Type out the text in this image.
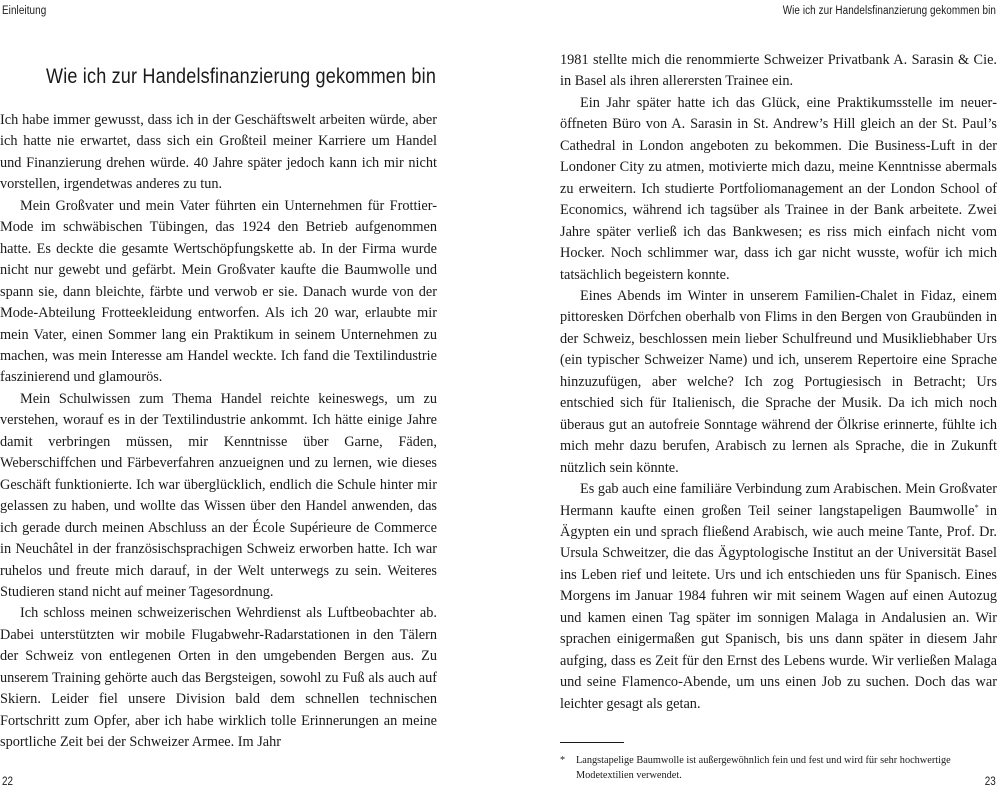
Einleitung	Wie ich zur Handelsfinanzierung gekommen bin
Wie ich zur Handelsfinanzierung gekommen bin

Ich habe immer gewusst, dass ich in der Geschäftswelt arbeiten würde, aber ich hatte nie erwartet, dass sich ein Großteil meiner Karriere um Handel und Finanzierung drehen würde. 40 Jahre später jedoch kann ich mir nicht vorstellen, irgendetwas anderes zu tun.

Mein Großvater und mein Vater führten ein Unternehmen für Frottier-Mode im schwäbischen Tübingen, das 1924 den Betrieb aufgenommen hatte. Es deckte die gesamte Wertschöpfungskette ab. In der Firma wurde nicht nur gewebt und gefärbt. Mein Großvater kaufte die Baumwolle und spann sie, dann bleichte, färbte und verwob er sie. Danach wurde von der Mode-Abteilung Frotteekleidung entworfen. Als ich 20 war, erlaubte mir mein Vater, einen Sommer lang ein Praktikum in seinem Unternehmen zu machen, was mein Interesse am Handel weckte. Ich fand die Textilindustrie faszinierend und glamourös.

Mein Schulwissen zum Thema Handel reichte keineswegs, um zu verstehen, worauf es in der Textilindustrie ankommt. Ich hätte einige Jahre damit verbringen müssen, mir Kenntnisse über Garne, Fäden, Weberschiffchen und Färbeverfahren anzueignen und zu lernen, wie dieses Geschäft funktionierte. Ich war überglücklich, endlich die Schule hinter mir gelassen zu haben, und wollte das Wissen über den Handel anwenden, das ich gerade durch meinen Abschluss an der École Supérieure de Commerce in Neuchâtel in der französischsprachigen Schweiz erworben hatte. Ich war ruhelos und freute mich darauf, in der Welt unterwegs zu sein. Weiteres Studieren stand nicht auf meiner Tagesordnung.

Ich schloss meinen schweizerischen Wehrdienst als Luftbeobachter ab. Dabei unterstützten wir mobile Flugabwehr-Radarstationen in den Tälern der Schweiz von entlegenen Orten in den umgebenden Bergen aus. Zu unserem Training gehörte auch das Bergsteigen, sowohl zu Fuß als auch auf Skiern. Leider fiel unsere Division bald dem schnellen technischen Fortschritt zum Opfer, aber ich habe wirklich tolle Erinnerungen an meine sportliche Zeit bei der Schweizer Armee. Im Jahr

1981 stellte mich die renommierte Schweizer Privatbank A. Sarasin & Cie. in Basel als ihren allerersten Trainee ein.

Ein Jahr später hatte ich das Glück, eine Praktikumsstelle im neueröffneten Büro von A. Sarasin in St. Andrew’s Hill gleich an der St. Paul’s Cathedral in London angeboten zu bekommen. Die Business-Luft in der Londoner City zu atmen, motivierte mich dazu, meine Kenntnisse abermals zu erweitern. Ich studierte Portfoliomanagement an der London School of Economics, während ich tagsüber als Trainee in der Bank arbeitete. Zwei Jahre später verließ ich das Bankwesen; es riss mich einfach nicht vom Hocker. Noch schlimmer war, dass ich gar nicht wusste, wofür ich mich tatsächlich begeistern konnte.

Eines Abends im Winter in unserem Familien-Chalet in Fidaz, einem pittoresken Dörfchen oberhalb von Flims in den Bergen von Graubünden in der Schweiz, beschlossen mein lieber Schulfreund und Musikliebhaber Urs (ein typischer Schweizer Name) und ich, unserem Repertoire eine Sprache hinzuzufügen, aber welche? Ich zog Portugiesisch in Betracht; Urs entschied sich für Italienisch, die Sprache der Musik. Da ich mich noch überaus gut an autofreie Sonntage während der Ölkrise erinnerte, fühlte ich mich mehr dazu berufen, Arabisch zu lernen als Sprache, die in Zukunft nützlich sein könnte.

Es gab auch eine familiäre Verbindung zum Arabischen. Mein Großvater Hermann kaufte einen großen Teil seiner langstapeligen Baumwolle* in Ägypten ein und sprach fließend Arabisch, wie auch meine Tante, Prof. Dr. Ursula Schweitzer, die das Ägyptologische Institut an der Universität Basel ins Leben rief und leitete. Urs und ich entschieden uns für Spanisch. Eines Morgens im Januar 1984 fuhren wir mit seinem Wagen auf einen Autozug und kamen einen Tag später im sonnigen Malaga in Andalusien an. Wir sprachen einigermaßen gut Spanisch, bis uns dann später in diesem Jahr aufging, dass es Zeit für den Ernst des Lebens wurde. Wir verließen Malaga und seine Flamenco-Abende, um uns einen Job zu suchen. Doch das war leichter gesagt als getan.

* Langstapelige Baumwolle ist außergewöhnlich fein und fest und wird für sehr hochwertige Modetextilien verwendet.
22	23
